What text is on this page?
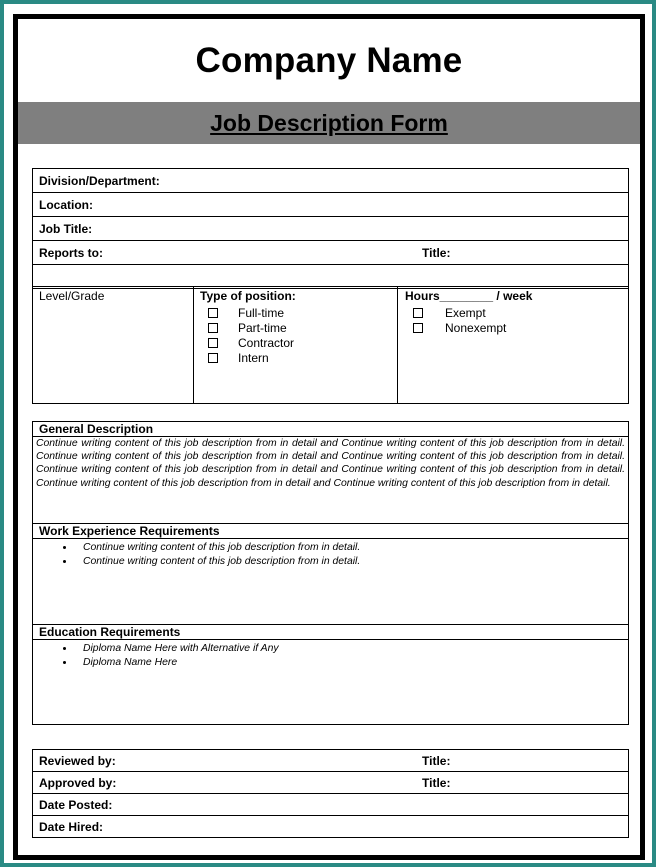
Company Name
Job Description Form
Division/Department:
Location:
Job Title:

Reports to:	Title:

Level/Grade	Type of position:
Full-time
Part-time
Contractor
Intern

Hours________ / week
Exempt
Nonexempt
General Description

Continue writing content of this job description from in detail and Continue writing content of this job description from in detail. Continue writing content of this job description from in detail and Continue writing content of this job description from in detail. Continue writing content of this job description from in detail and Continue writing content of this job description from in detail. Continue writing content of this job description from in detail and Continue writing content of this job description from in detail.

Work Experience Requirements

• Continue writing content of this job description from in detail.
• Continue writing content of this job description from in detail.

Education Requirements

• Diploma Name Here with Alternative if Any
• Diploma Name Here
Reviewed by:	Title:

Approved by:	Title:

Date Posted:
Date Hired:
